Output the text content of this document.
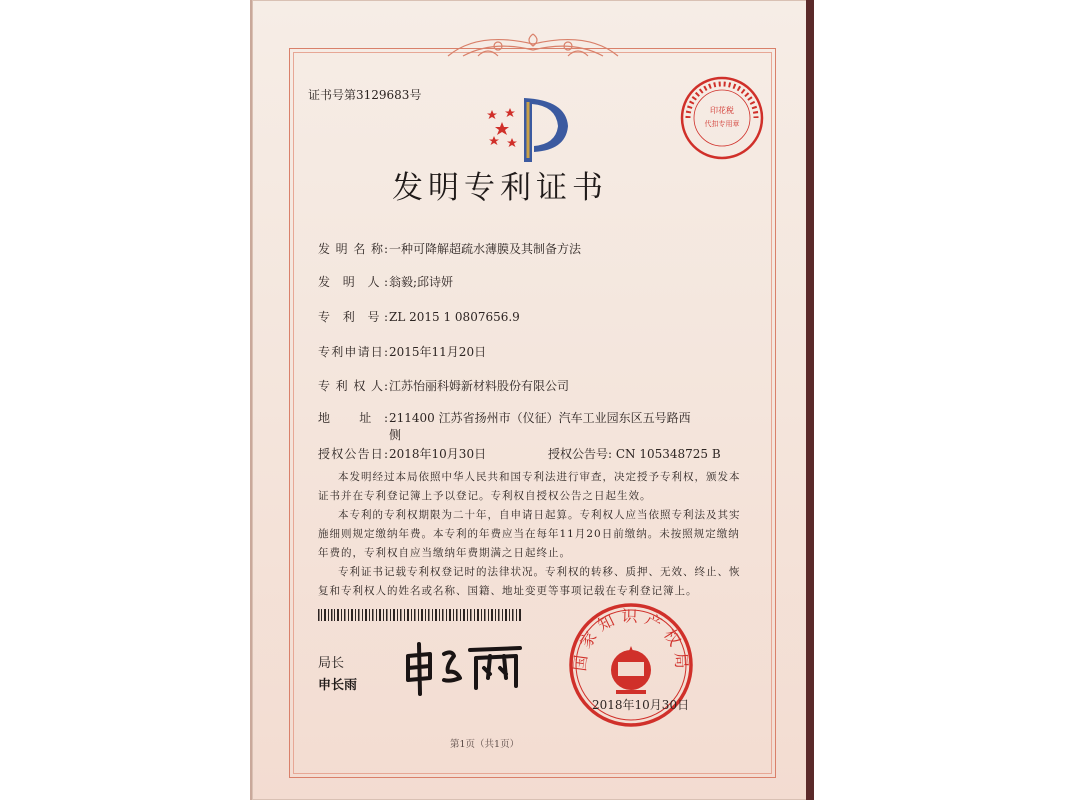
证书号第3129683号
印花税
代扣专用章
发明专利证书
发 明 名 称:一种可降解超疏水薄膜及其制备方法
发 明 人:翁毅;邱诗妍
专 利 号:ZL 2015 1 0807656.9
专利申请日:2015年11月20日
专 利 权 人:江苏怡丽科姆新材料股份有限公司
地 址:211400 江苏省扬州市（仪征）汽车工业园东区五号路西
侧
授权公告日:2018年10月30日	授权公告号: CN 105348725 B
本发明经过本局依照中华人民共和国专利法进行审查，决定授予专利权，颁发本证书并在专利登记簿上予以登记。专利权自授权公告之日起生效。
本专利的专利权期限为二十年，自申请日起算。专利权人应当依照专利法及其实施细则规定缴纳年费。本专利的年费应当在每年11月20日前缴纳。未按照规定缴纳年费的，专利权自应当缴纳年费期满之日起终止。
专利证书记载专利权登记时的法律状况。专利权的转移、质押、无效、终止、恢复和专利权人的姓名或名称、国籍、地址变更等事项记载在专利登记簿上。
局长
申长雨
国家知识产权局
2018年10月30日
第1页（共1页）
